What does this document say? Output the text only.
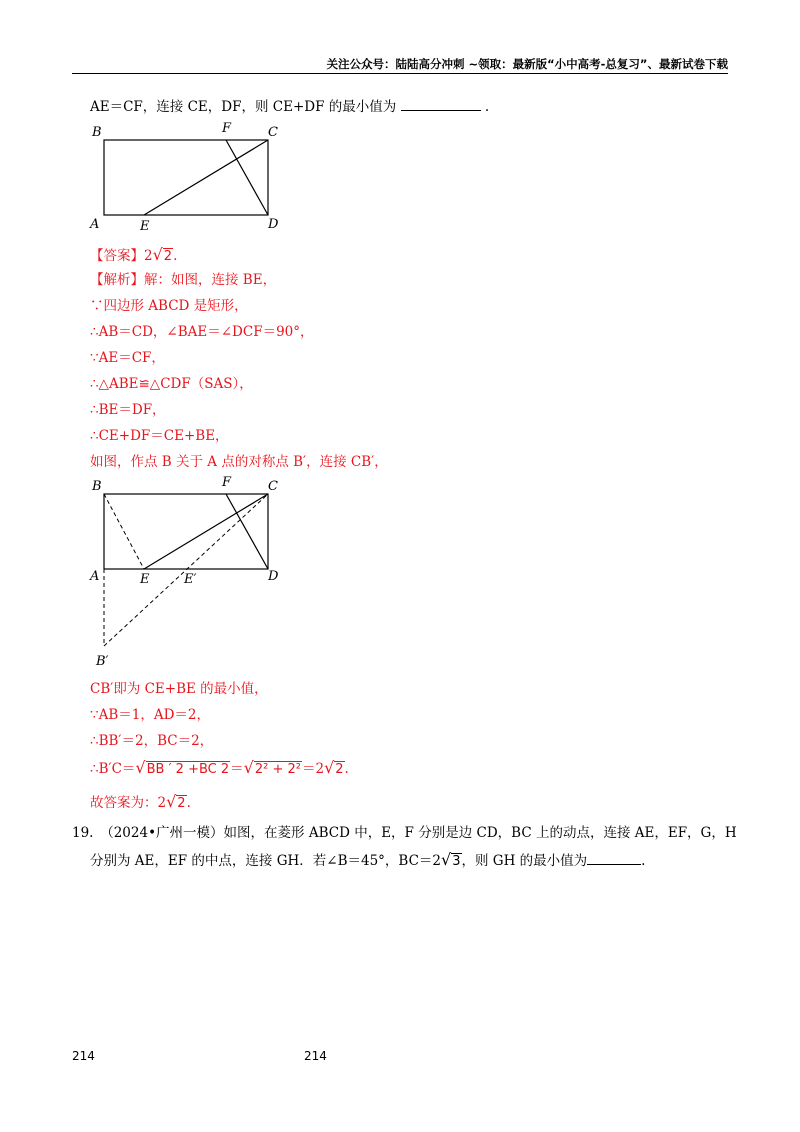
关注公众号：陆陆高分冲刺 ~领取：最新版“小中高考-总复习”、最新试卷下载
AE＝CF，连接 CE，DF，则 CE+DF 的最小值为	.
B	F	C
A	E	D
【答案】2√2.
【解析】解：如图，连接 BE，
∵四边形 ABCD 是矩形，
∴AB＝CD，∠BAE＝∠DCF＝90°，
∵AE＝CF，
∴△ABE≌△CDF（SAS），
∴BE＝DF，
∴CE+DF＝CE+BE，
如图，作点 B 关于 A 点的对称点 B′，连接 CB′，
B	F	C
A	E	E′	D
B′
CB′即为 CE+BE 的最小值，
∵AB＝1，AD＝2，
∴BB′＝2，BC＝2，
∴B′C＝√BB ′ 2 +BC 2＝√2² + 2²＝2√2.
故答案为：2√2.
19.　（2024•广州一模）如图，在菱形 ABCD 中，E，F 分别是边 CD，BC 上的动点，连接 AE，EF，G，H
分别为 AE，EF 的中点，连接 GH．若∠B＝45°，BC＝2√3，则 GH 的最小值为	.
214	214
